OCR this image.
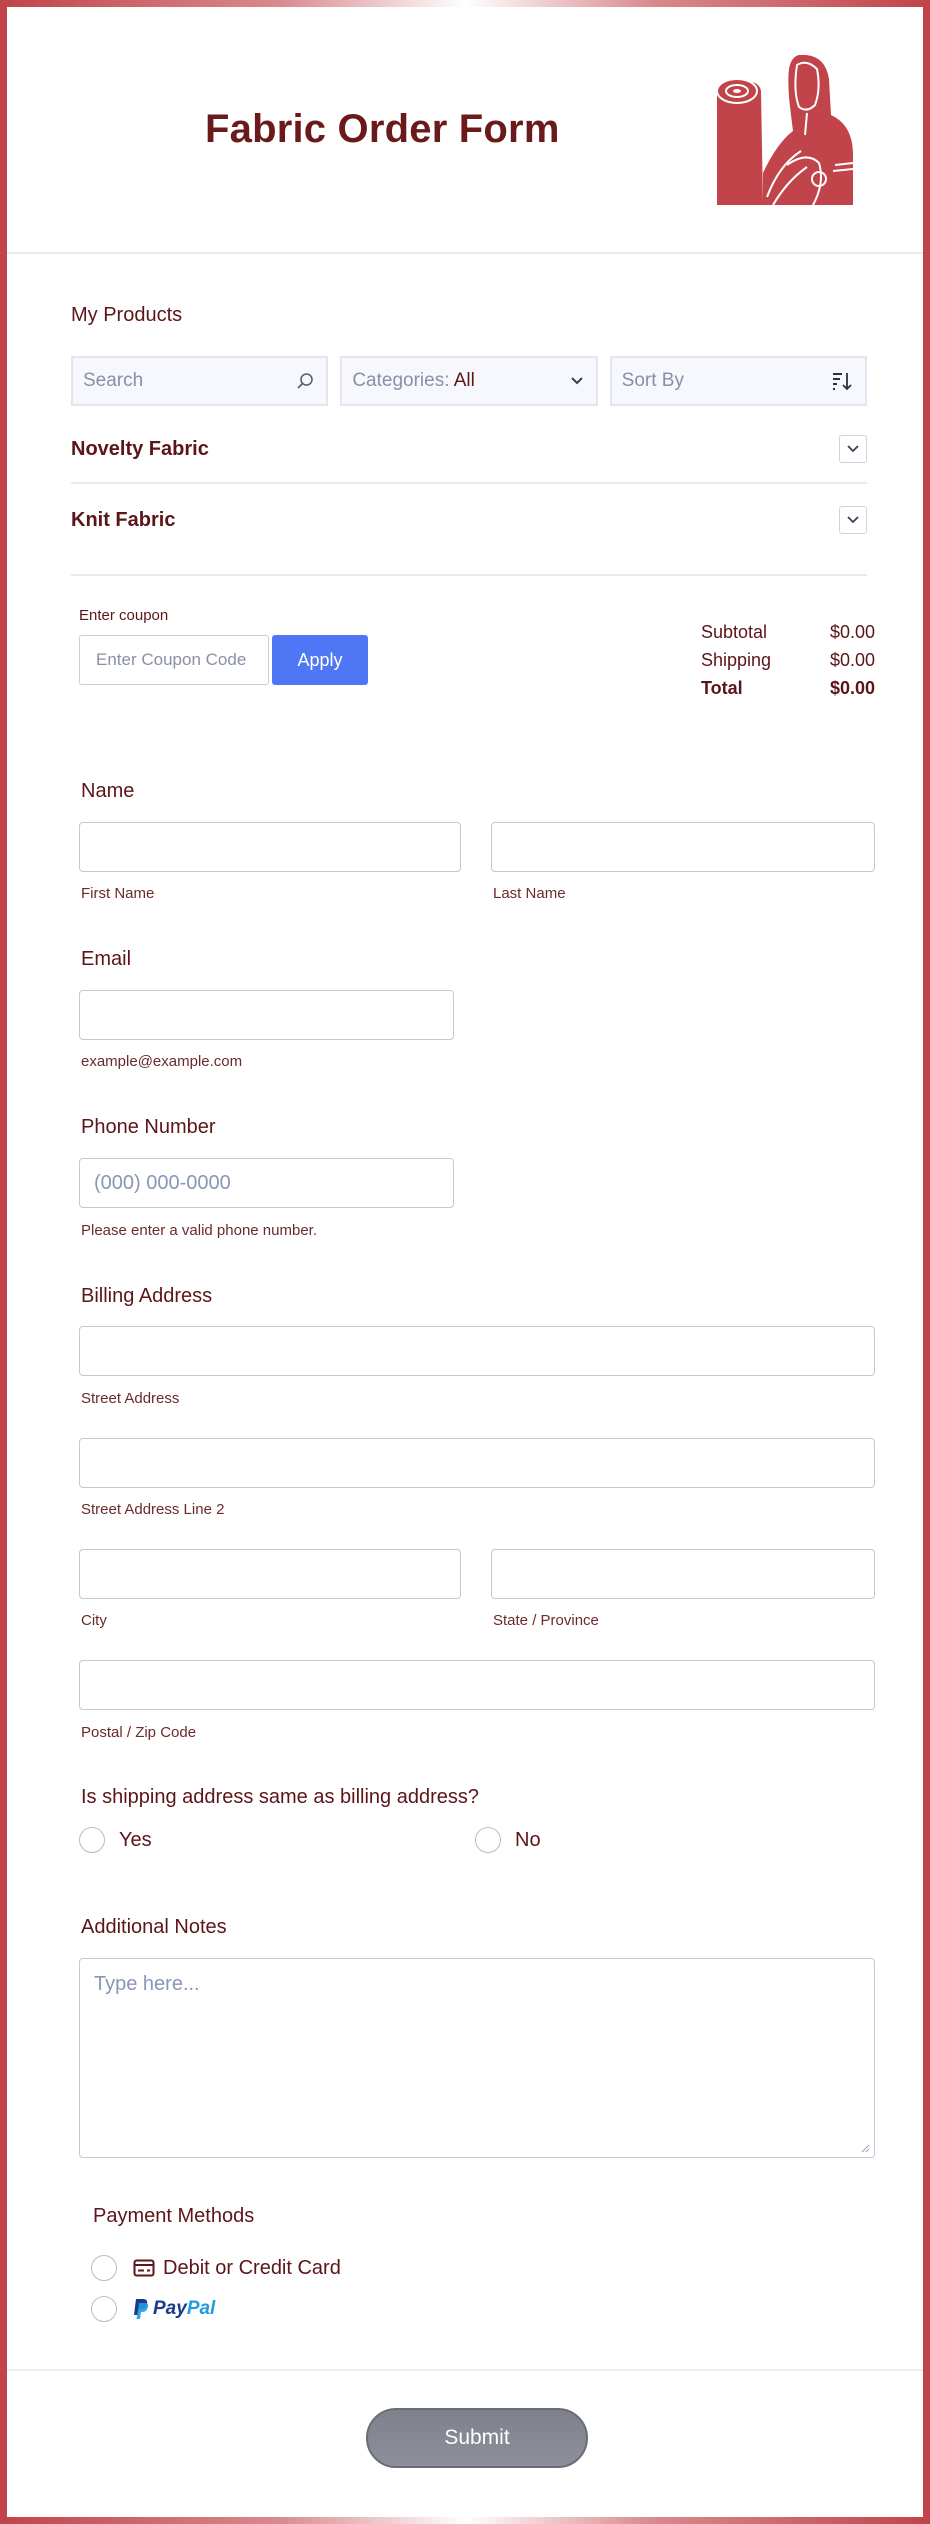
Fabric Order Form
My Products
Search	Categories: All	Sort By
Novelty Fabric
Knit Fabric
Enter coupon
Enter Coupon Code	Apply
Subtotal	$0.00
Shipping	$0.00
Total	$0.00
Name
First Name	Last Name
Email
example@example.com
Phone Number
(000) 000-0000
Please enter a valid phone number.
Billing Address
Street Address
Street Address Line 2
City	State / Province
Postal / Zip Code
Is shipping address same as billing address?
Yes	No
Additional Notes
Type here...
Payment Methods
Debit or Credit Card
PayPal
Submit
